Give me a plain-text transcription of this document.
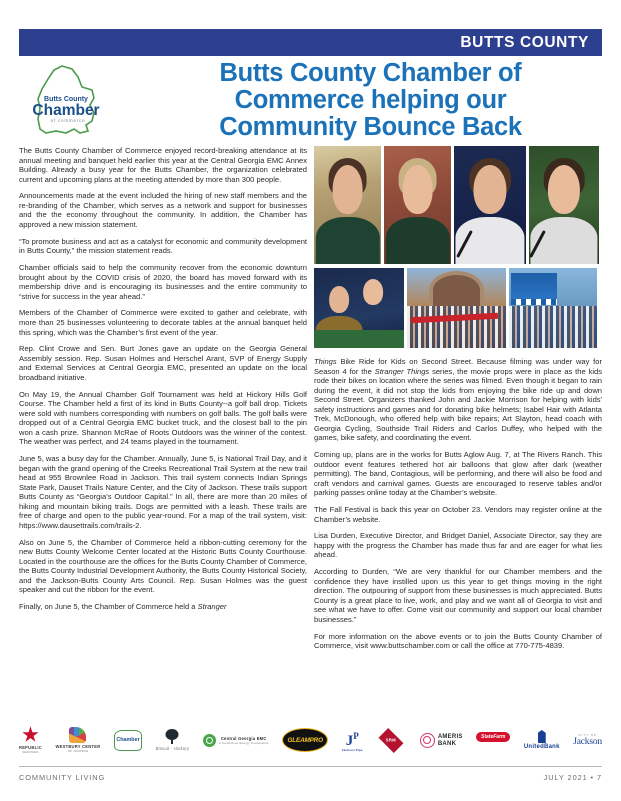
BUTTS COUNTY
Butts County
Chamber
of commerce
Butts County Chamber of
Commerce helping our
Community Bounce Back

The Butts County Chamber of Commerce enjoyed record-breaking attendance at its annual meeting and banquet held earlier this year at the Central Georgia EMC Annex Building. Already a busy year for the Butts Chamber, the organization celebrated current and upcoming plans at the meeting attended by more than 300 people.

Announcements made at the event included the hiring of new staff members and the re-branding of the Chamber, which serves as a network and support for businesses and the the economy throughout the community. In addition, the Chamber has approved a new mission statement.

“To promote business and act as a catalyst for economic and community development in Butts County,” the mission statement reads.

Chamber officials said to help the community recover from the economic downturn brought about by the COVID crisis of 2020, the board has moved forward with its membership drive and is encouraging its businesses and the entire community to “strive for success in the year ahead.”

Members of the Chamber of Commerce were excited to gather and celebrate, with more than 25 businesses volunteering to decorate tables at the annual banquet held this spring, which was the Chamber’s first event of the year.

Rep. Clint Crowe and Sen. Burt Jones gave an update on the Georgia General Assembly session. Rep. Susan Holmes and Herschel Arant, SVP of Energy Supply and External Services at Central Georgia EMC, presented an update on the local broadband initiative.

On May 19, the Annual Chamber Golf Tournament was held at Hickory Hills Golf Course. The Chamber held a first of its kind in Butts County--a golf ball drop. Tickets were sold with numbers corresponding with numbers on golf balls. The golf balls were dropped out of a Central Georgia EMC bucket truck, and the closest ball to the pin won a cash prize. Shannon McRae of Roots Outdoors was the winner of the contest. The weather was perfect, and 24 teams played in the tournament.

June 5, was a busy day for the Chamber. Annually, June 5, is National Trail Day, and it began with the grand opening of the Creeks Recreational Trail System at the new trail head at 955 Brownlee Road in Jackson. This trail system connects Indian Springs State Park, Dauset Trails Nature Center, and the City of Jackson. These trails support Butts County as “Georgia’s Outdoor Capital.” In all, there are more than 20 miles of hiking and mountain biking trails. Dogs are permitted with a leash. These trails are free of charge and open to the public year-round. For a map of the trail system, visit: https://www.dausettrails.com/trails-2.

Also on June 5, the Chamber of Commerce held a ribbon-cutting ceremony for the new Butts County Welcome Center located at the Historic Butts County Courthouse. Located in the courthouse are the offices for the Butts County Chamber of Commerce, the Butts County Industrial Development Authority, the Butts County Historical Society, and the Jackson-Butts County Arts Council. Rep. Susan Holmes was the guest speaker and cut the ribbon for the event.

Finally, on June 5, the Chamber of Commerce held a Stranger

Things Bike Ride for Kids on Second Street. Because filming was under way for Season 4 for the Stranger Things series, the movie props were in place as the kids rode their bikes on location where the series was filmed. Even though it began to rain during the event, it did not stop the kids from enjoying the bike ride up and down Second Street. Organizers thanked John and Jackie Morrison for helping with kids' safety instructions and games and for donating bike helmets; Isabel Hair with Atlanta Trek, McDonough, who offered help with bike repairs; Art Slayton, head coach with Georgia Cycling, Southside Trail Riders and Carlos Duffey, who helped with the games, bike safety, and coordinating the event.

Coming up, plans are in the works for Butts Aglow Aug. 7, at The Rivers Ranch. This outdoor event features tethered hot air balloons that glow after dark (weather permitting). The band, Contagious, will be performing, and there will also be food and craft vendors and carnival games. Guests are encouraged to reserve tables and/or parking passes online today at the Chamber’s website.

The Fall Festival is back this year on October 23. Vendors may register online at the Chamber’s website.

Lisa Durden, Executive Director, and Bridget Daniel, Associate Director, say they are happy with the progress the Chamber has made thus far and are eager for what lies ahead.

According to Durden, “We are very thankful for our Chamber members and the confidence they have instilled upon us this year to get things moving in the right direction. The outpouring of support from these businesses is much appreciated. Butts County is a great place to live, work, and play and we want all of Georgia to visit and see what we have to offer. Come visit our community and support our local chamber businesses.”

For more information on the above events or to join the Butts County Chamber of Commerce, visit www.buttschamber.com or call the office at 770-775-4839.

REPUBLIC
SERVICES
WESTBURY CENTER
OF JACKSON
Chamber
Biscuit · Hickory
Central Georgia EMC
A Touchstone Energy Cooperative	GLEAMPRO $J^P$
Jackson Pipe
SRM	AMERIS
BANK
StateFarm

UnitedBank
CITY OF
Jackson
COMMUNITY LIVING	JULY 2021 • 7
